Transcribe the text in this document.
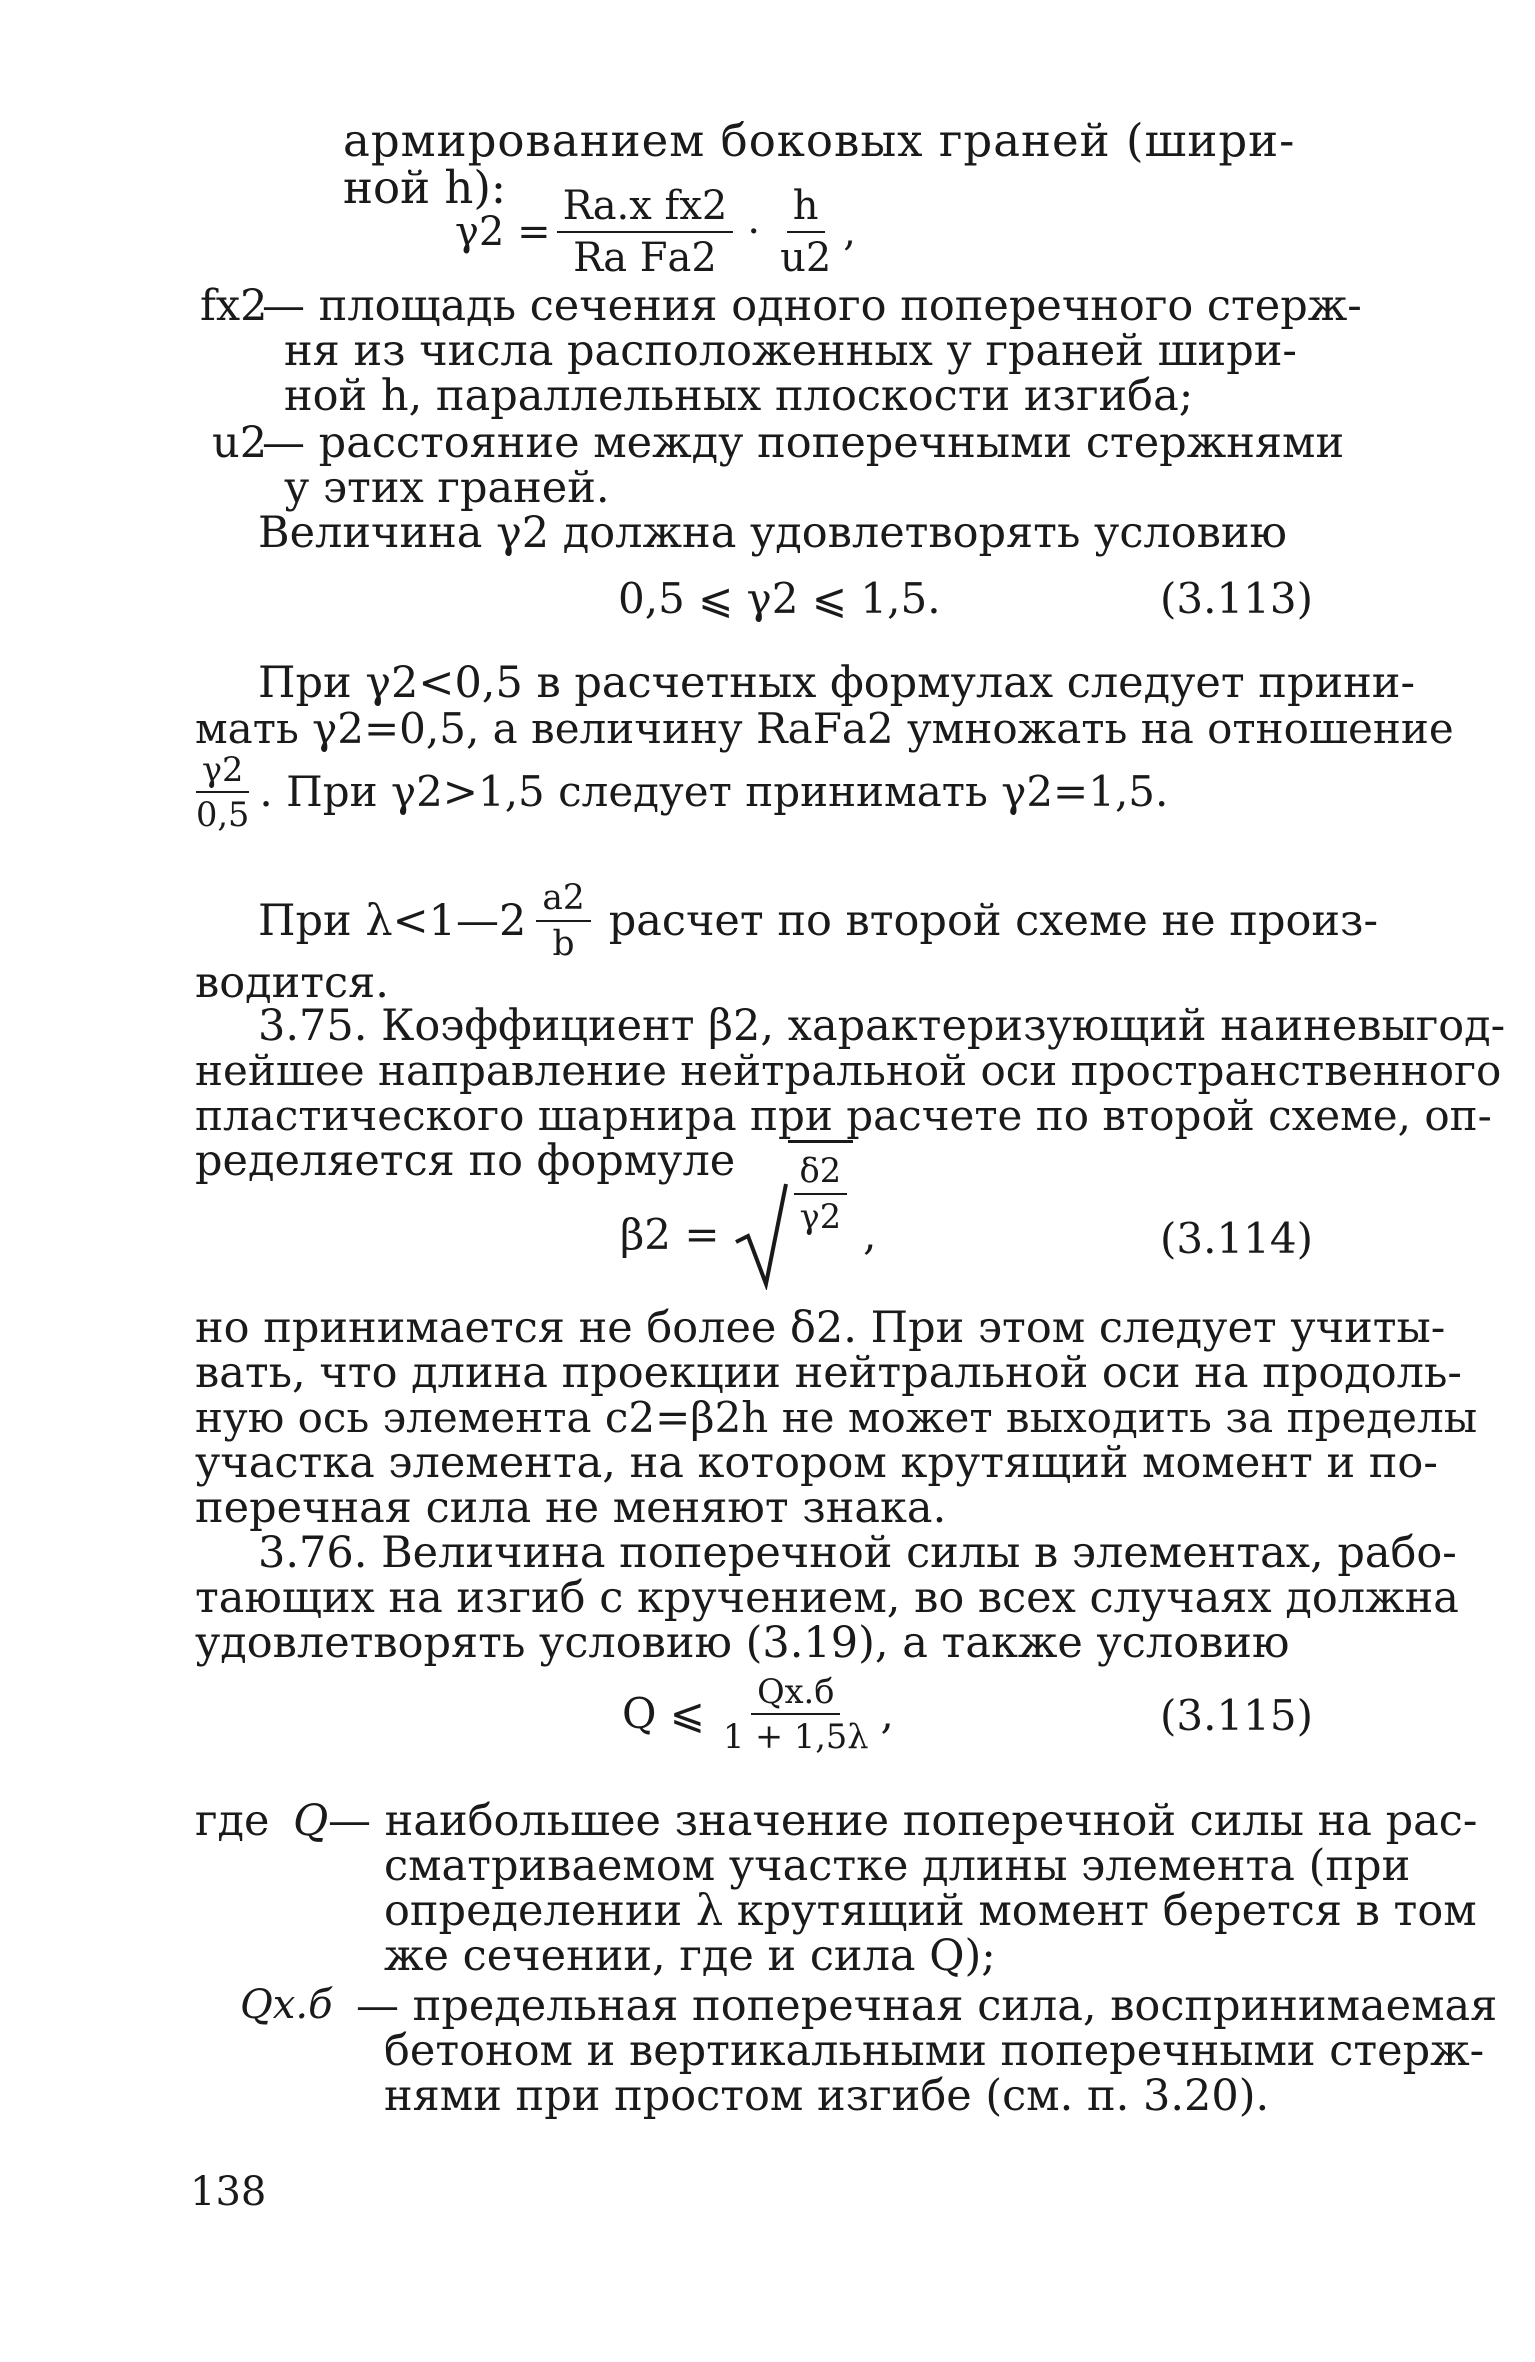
армированием боковых граней (шири-
ной h):
$\gamma 2 = \frac{\text{Rа.х fх2}}{\text{Rа Fа2}} \cdot \frac{h}{u2}$ ,
fх2
— площадь сечения одного поперечного стерж-
ня из числа расположенных у граней шири-
ной h, параллельных плоскости изгиба;
u2
— расстояние между поперечными стержнями
у этих граней.
Величина γ2 должна удовлетворять условию
0,5 ⩽ γ2 ⩽ 1,5.	(3.113)
При γ2<0,5 в расчетных формулах следует прини-
мать γ2=0,5, а величину RаFа2 умножать на отношение
$\frac{\gamma 2}{0,5}$ . При γ2>1,5 следует принимать γ2=1,5.
При λ<1—2 $\frac{a2}{b}$ расчет по второй схеме не произ-
водится.
3.75. Коэффициент β2, характеризующий наиневыгод-
нейшее направление нейтральной оси пространственного
пластического шарнира при расчете по второй схеме, оп-
ределяется по формуле
β2 =
$\frac{\delta 2}{\gamma 2}$
,	(3.114)
но принимается не более δ2. При этом следует учиты-
вать, что длина проекции нейтральной оси на продоль-
ную ось элемента c2=β2h не может выходить за пределы
участка элемента, на котором крутящий момент и по-
перечная сила не меняют знака.
3.76. Величина поперечной силы в элементах, рабо-
тающих на изгиб с кручением, во всех случаях должна
удовлетворять условию (3.19), а также условию
Q ⩽ $\frac{Qх.б}{1 + 1,5\lambda}$ ,	(3.115)
где Q — наибольшее значение поперечной силы на рас-
сматриваемом участке длины элемента (при
определении λ крутящий момент берется в том
же сечении, где и сила Q);
Qх.б — предельная поперечная сила, воспринимаемая
бетоном и вертикальными поперечными стерж-
нями при простом изгибе (см. п. 3.20).
138
